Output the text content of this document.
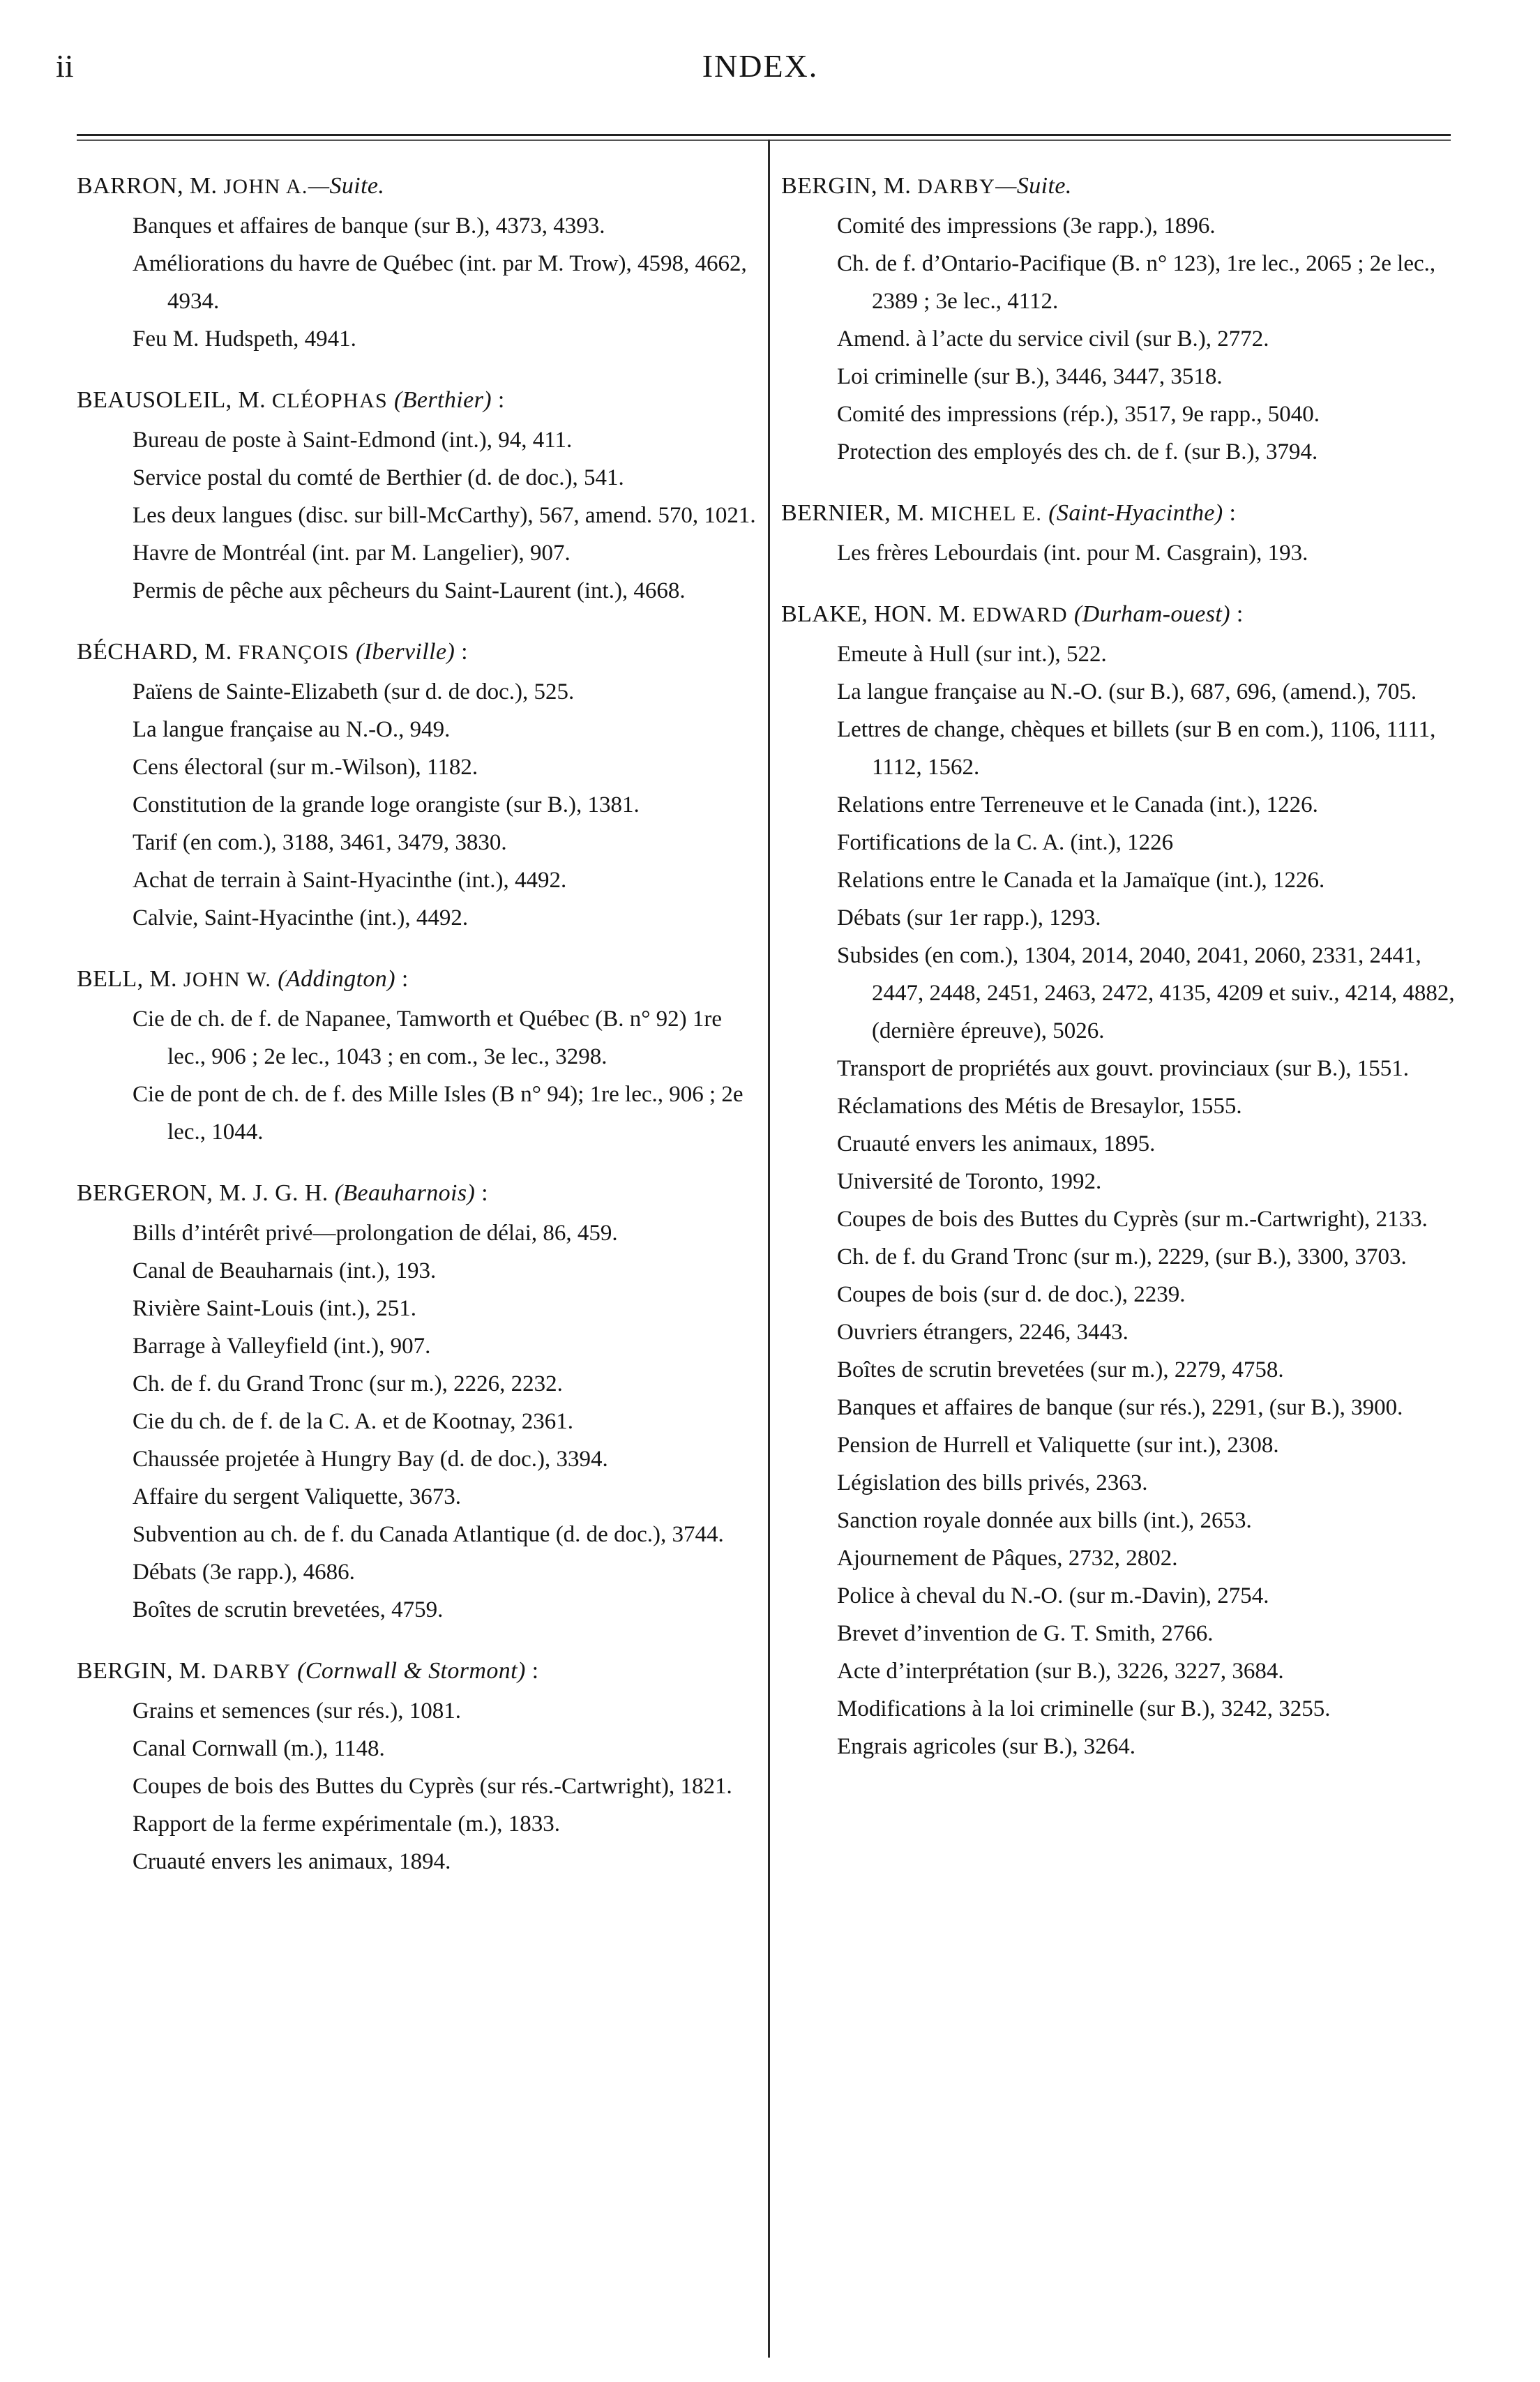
ii	INDEX.
BARRON, M. JOHN A.—Suite.
Banques et affaires de banque (sur B.), 4373, 4393.
Améliorations du havre de Québec (int. par M. Trow), 4598, 4662, 4934.
Feu M. Hudspeth, 4941.
BEAUSOLEIL, M. CLÉOPHAS (Berthier) :
Bureau de poste à Saint-Edmond (int.), 94, 411.
Service postal du comté de Berthier (d. de doc.), 541.
Les deux langues (disc. sur bill-McCarthy), 567, amend. 570, 1021.
Havre de Montréal (int. par M. Langelier), 907.
Permis de pêche aux pêcheurs du Saint-Laurent (int.), 4668.
BÉCHARD, M. FRANÇOIS (Iberville) :
Païens de Sainte-Elizabeth (sur d. de doc.), 525.
La langue française au N.-O., 949.
Cens électoral (sur m.-Wilson), 1182.
Constitution de la grande loge orangiste (sur B.), 1381.
Tarif (en com.), 3188, 3461, 3479, 3830.
Achat de terrain à Saint-Hyacinthe (int.), 4492.
Calvie, Saint-Hyacinthe (int.), 4492.
BELL, M. JOHN W. (Addington) :
Cie de ch. de f. de Napanee, Tamworth et Québec (B. n° 92) 1re lec., 906 ; 2e lec., 1043 ; en com., 3e lec., 3298.
Cie de pont de ch. de f. des Mille Isles (B n° 94); 1re lec., 906 ; 2e lec., 1044.
BERGERON, M. J. G. H. (Beauharnois) :
Bills d’intérêt privé—prolongation de délai, 86, 459.
Canal de Beauharnais (int.), 193.
Rivière Saint-Louis (int.), 251.
Barrage à Valleyfield (int.), 907.
Ch. de f. du Grand Tronc (sur m.), 2226, 2232.
Cie du ch. de f. de la C. A. et de Kootnay, 2361.
Chaussée projetée à Hungry Bay (d. de doc.), 3394.
Affaire du sergent Valiquette, 3673.
Subvention au ch. de f. du Canada Atlantique (d. de doc.), 3744.
Débats (3e rapp.), 4686.
Boîtes de scrutin brevetées, 4759.
BERGIN, M. DARBY (Cornwall & Stormont) :
Grains et semences (sur rés.), 1081.
Canal Cornwall (m.), 1148.
Coupes de bois des Buttes du Cyprès (sur rés.-Cartwright), 1821.
Rapport de la ferme expérimentale (m.), 1833.
Cruauté envers les animaux, 1894.
BERGIN, M. DARBY—Suite.
Comité des impressions (3e rapp.), 1896.
Ch. de f. d’Ontario-Pacifique (B. n° 123), 1re lec., 2065 ; 2e lec., 2389 ; 3e lec., 4112.
Amend. à l’acte du service civil (sur B.), 2772.
Loi criminelle (sur B.), 3446, 3447, 3518.
Comité des impressions (rép.), 3517, 9e rapp., 5040.
Protection des employés des ch. de f. (sur B.), 3794.
BERNIER, M. MICHEL E. (Saint-Hyacinthe) :
Les frères Lebourdais (int. pour M. Casgrain), 193.
BLAKE, HON. M. EDWARD (Durham-ouest) :
Emeute à Hull (sur int.), 522.
La langue française au N.-O. (sur B.), 687, 696, (amend.), 705.
Lettres de change, chèques et billets (sur B en com.), 1106, 1111, 1112, 1562.
Relations entre Terreneuve et le Canada (int.), 1226.
Fortifications de la C. A. (int.), 1226
Relations entre le Canada et la Jamaïque (int.), 1226.
Débats (sur 1er rapp.), 1293.
Subsides (en com.), 1304, 2014, 2040, 2041, 2060, 2331, 2441, 2447, 2448, 2451, 2463, 2472, 4135, 4209 et suiv., 4214, 4882, (dernière épreuve), 5026.
Transport de propriétés aux gouvt. provinciaux (sur B.), 1551.
Réclamations des Métis de Bresaylor, 1555.
Cruauté envers les animaux, 1895.
Université de Toronto, 1992.
Coupes de bois des Buttes du Cyprès (sur m.-Cartwright), 2133.
Ch. de f. du Grand Tronc (sur m.), 2229, (sur B.), 3300, 3703.
Coupes de bois (sur d. de doc.), 2239.
Ouvriers étrangers, 2246, 3443.
Boîtes de scrutin brevetées (sur m.), 2279, 4758.
Banques et affaires de banque (sur rés.), 2291, (sur B.), 3900.
Pension de Hurrell et Valiquette (sur int.), 2308.
Législation des bills privés, 2363.
Sanction royale donnée aux bills (int.), 2653.
Ajournement de Pâques, 2732, 2802.
Police à cheval du N.-O. (sur m.-Davin), 2754.
Brevet d’invention de G. T. Smith, 2766.
Acte d’interprétation (sur B.), 3226, 3227, 3684.
Modifications à la loi criminelle (sur B.), 3242, 3255.
Engrais agricoles (sur B.), 3264.
